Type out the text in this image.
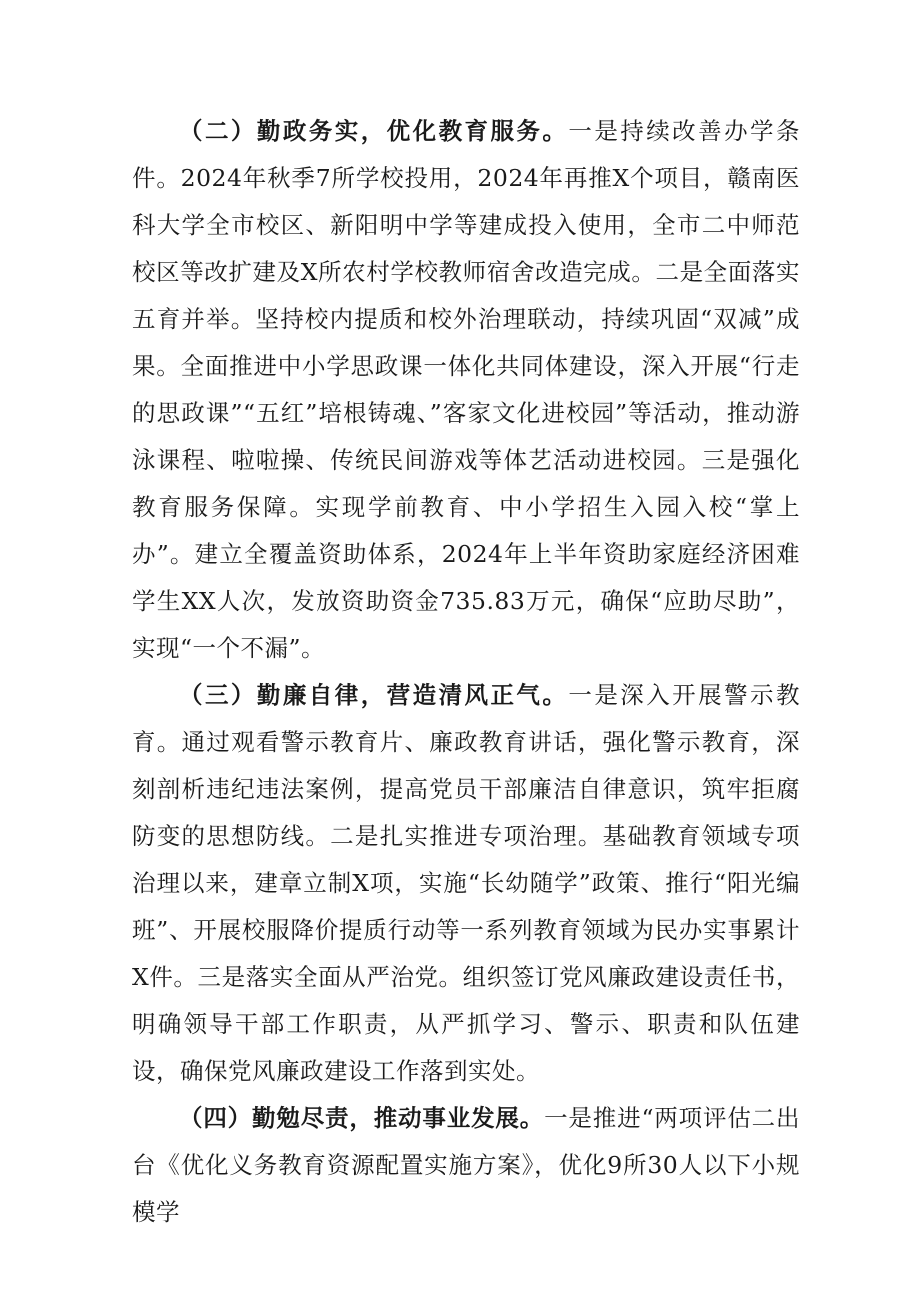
（二）勤政务实，优化教育服务。一是持续改善办学条件。2024年秋季7所学校投用，2024年再推X个项目，赣南医科大学全市校区、新阳明中学等建成投入使用，全市二中师范校区等改扩建及X所农村学校教师宿舍改造完成。二是全面落实五育并举。坚持校内提质和校外治理联动，持续巩固“双减”成果。全面推进中小学思政课一体化共同体建设，深入开展“行走的思政课”“五红”培根铸魂、”客家文化进校园”等活动，推动游泳课程、啦啦操、传统民间游戏等体艺活动进校园。三是强化教育服务保障。实现学前教育、中小学招生入园入校“掌上办”。建立全覆盖资助体系，2024年上半年资助家庭经济困难学生XX人次，发放资助资金735.83万元，确保“应助尽助”，实现“一个不漏”。

（三）勤廉自律，营造清风正气。一是深入开展警示教育。通过观看警示教育片、廉政教育讲话，强化警示教育，深刻剖析违纪违法案例，提高党员干部廉洁自律意识，筑牢拒腐防变的思想防线。二是扎实推进专项治理。基础教育领域专项治理以来，建章立制X项，实施“长幼随学”政策、推行“阳光编班”、开展校服降价提质行动等一系列教育领域为民办实事累计X件。三是落实全面从严治党。组织签订党风廉政建设责任书，明确领导干部工作职责，从严抓学习、警示、职责和队伍建设，确保党风廉政建设工作落到实处。

（四）勤勉尽责，推动事业发展。一是推进“两项评估二出台《优化义务教育资源配置实施方案》，优化9所30人以下小规模学
